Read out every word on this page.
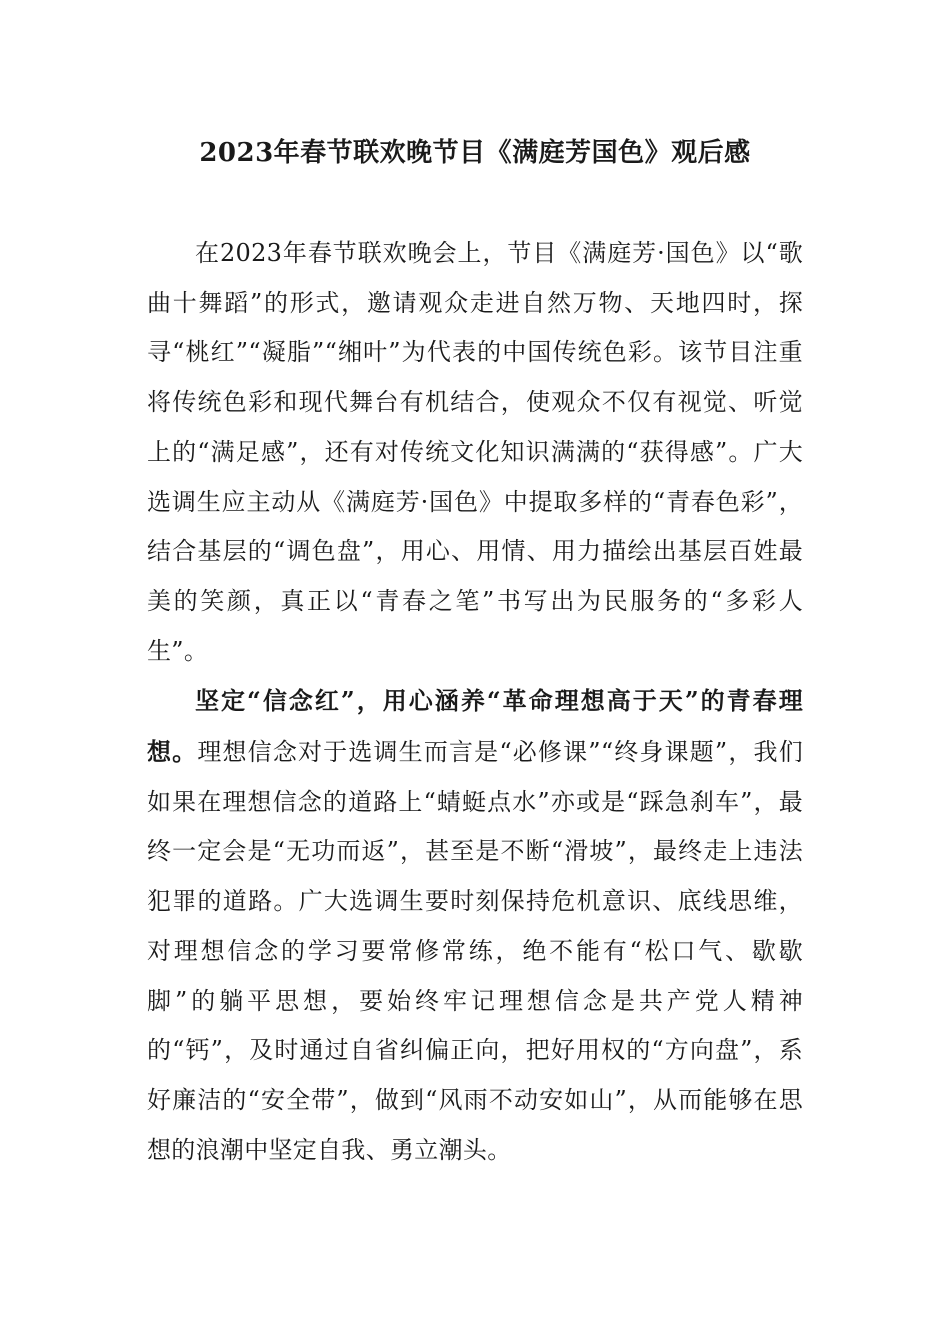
2023年春节联欢晚节目《满庭芳国色》观后感

在2023年春节联欢晚会上，节目《满庭芳·国色》以“歌曲十舞蹈”的形式，邀请观众走进自然万物、天地四时，探寻“桃红”“凝脂”“缃叶”为代表的中国传统色彩。该节目注重将传统色彩和现代舞台有机结合，使观众不仅有视觉、听觉上的“满足感”，还有对传统文化知识满满的“获得感”。广大选调生应主动从《满庭芳·国色》中提取多样的“青春色彩”，结合基层的“调色盘”，用心、用情、用力描绘出基层百姓最美的笑颜，真正以“青春之笔”书写出为民服务的“多彩人生”。

坚定“信念红”，用心涵养“革命理想高于天”的青春理想。理想信念对于选调生而言是“必修课”“终身课题”，我们如果在理想信念的道路上“蜻蜓点水”亦或是“踩急刹车”，最终一定会是“无功而返”，甚至是不断“滑坡”，最终走上违法犯罪的道路。广大选调生要时刻保持危机意识、底线思维，对理想信念的学习要常修常练，绝不能有“松口气、歇歇脚”的躺平思想，要始终牢记理想信念是共产党人精神的“钙”，及时通过自省纠偏正向，把好用权的“方向盘”，系好廉洁的“安全带”，做到“风雨不动安如山”，从而能够在思想的浪潮中坚定自我、勇立潮头。
